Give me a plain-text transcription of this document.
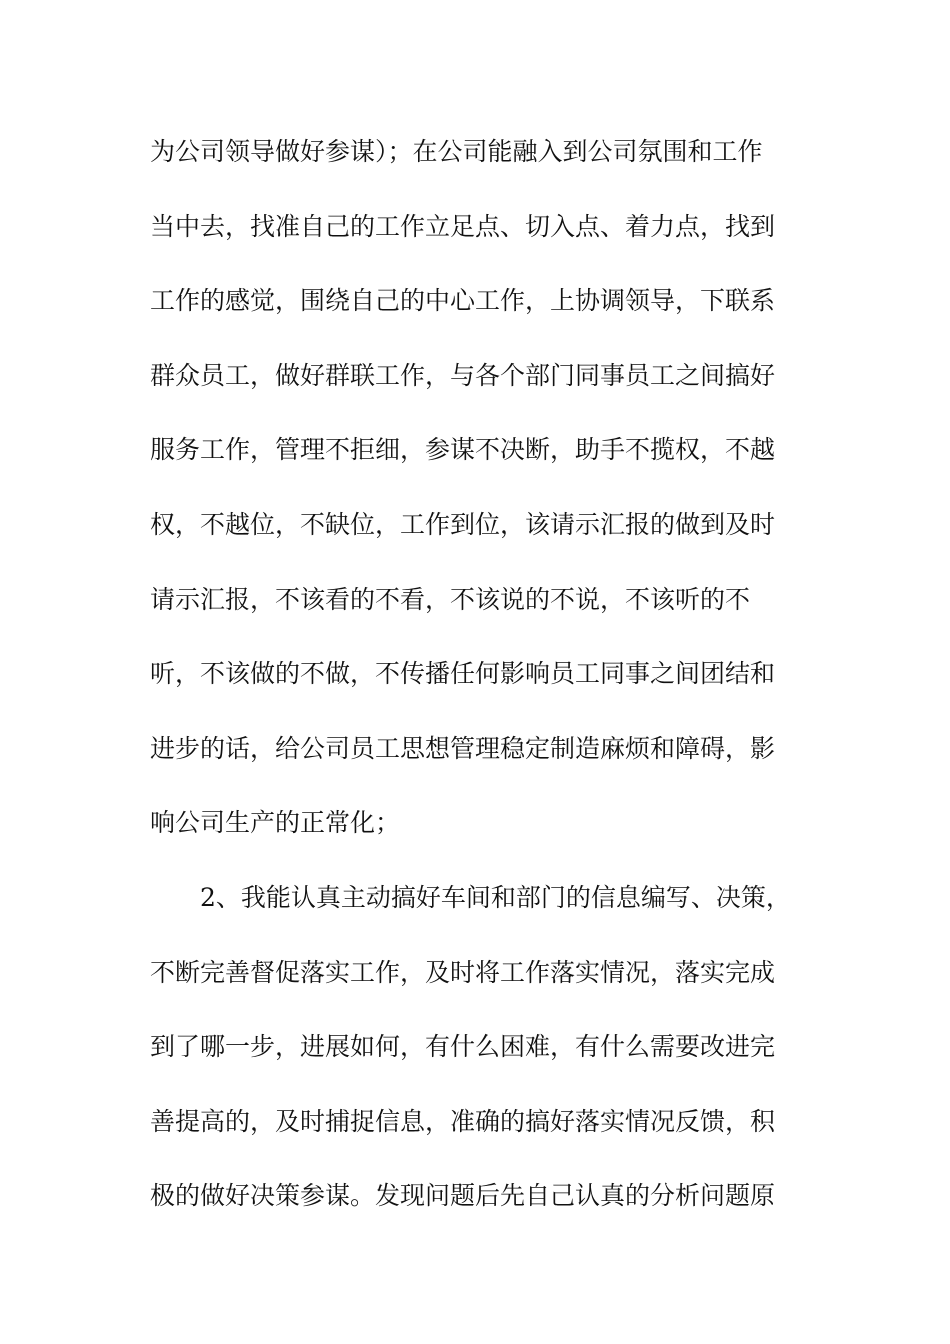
为公司领导做好参谋）；在公司能融入到公司氛围和工作
当中去，找准自己的工作立足点、切入点、着力点，找到
工作的感觉，围绕自己的中心工作，上协调领导，下联系
群众员工，做好群联工作，与各个部门同事员工之间搞好
服务工作，管理不拒细，参谋不决断，助手不揽权，不越
权，不越位，不缺位，工作到位，该请示汇报的做到及时
请示汇报，不该看的不看，不该说的不说，不该听的不
听，不该做的不做，不传播任何影响员工同事之间团结和
进步的话，给公司员工思想管理稳定制造麻烦和障碍，影
响公司生产的正常化；
2、我能认真主动搞好车间和部门的信息编写、决策，
不断完善督促落实工作，及时将工作落实情况，落实完成
到了哪一步，进展如何，有什么困难，有什么需要改进完
善提高的，及时捕捉信息，准确的搞好落实情况反馈，积
极的做好决策参谋。发现问题后先自己认真的分析问题原
